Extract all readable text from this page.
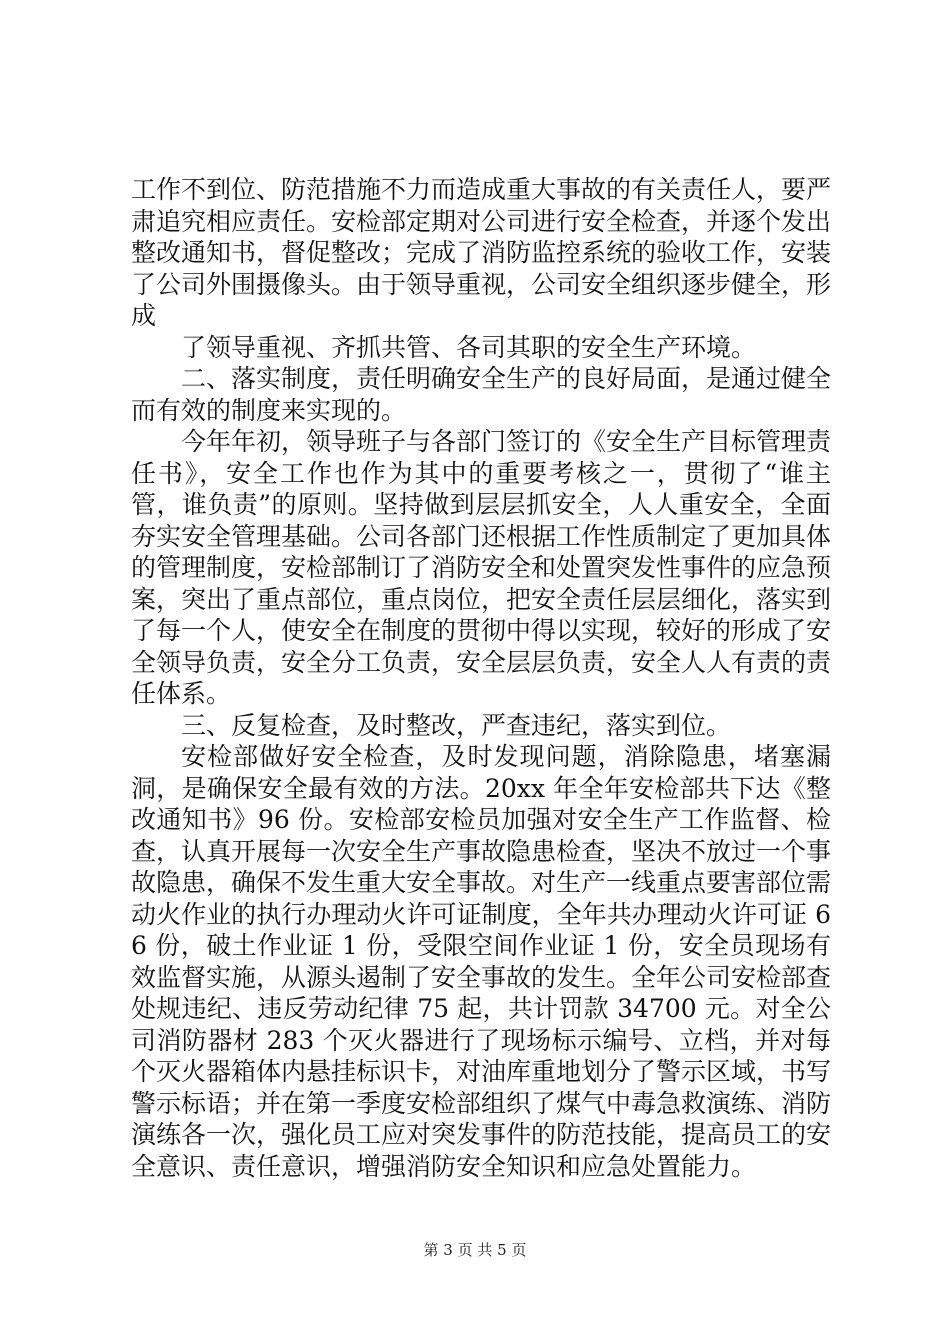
工作不到位、防范措施不力而造成重大事故的有关责任人，要严肃追究相应责任。安检部定期对公司进行安全检查，并逐个发出整改通知书，督促整改；完成了消防监控系统的验收工作，安装了公司外围摄像头。由于领导重视，公司安全组织逐步健全，形成

了领导重视、齐抓共管、各司其职的安全生产环境。

二、落实制度，责任明确安全生产的良好局面，是通过健全而有效的制度来实现的。

今年年初，领导班子与各部门签订的《安全生产目标管理责任书》，安全工作也作为其中的重要考核之一，贯彻了“谁主管，谁负责”的原则。坚持做到层层抓安全，人人重安全，全面夯实安全管理基础。公司各部门还根据工作性质制定了更加具体的管理制度，安检部制订了消防安全和处置突发性事件的应急预案，突出了重点部位，重点岗位，把安全责任层层细化，落实到了每一个人，使安全在制度的贯彻中得以实现，较好的形成了安全领导负责，安全分工负责，安全层层负责，安全人人有责的责任体系。

三、反复检查，及时整改，严查违纪，落实到位。

安检部做好安全检查，及时发现问题，消除隐患，堵塞漏洞，是确保安全最有效的方法。20xx 年全年安检部共下达《整改通知书》96 份。安检部安检员加强对安全生产工作监督、检查，认真开展每一次安全生产事故隐患检查，坚决不放过一个事故隐患，确保不发生重大安全事故。对生产一线重点要害部位需动火作业的执行办理动火许可证制度，全年共办理动火许可证 66 份，破土作业证 1 份，受限空间作业证 1 份，安全员现场有效监督实施，从源头遏制了安全事故的发生。全年公司安检部查处规违纪、违反劳动纪律 75 起，共计罚款 34700 元。对全公司消防器材 283 个灭火器进行了现场标示编号、立档，并对每个灭火器箱体内悬挂标识卡，对油库重地划分了警示区域，书写警示标语；并在第一季度安检部组织了煤气中毒急救演练、消防演练各一次，强化员工应对突发事件的防范技能，提高员工的安全意识、责任意识，增强消防安全知识和应急处置能力。

第 3 页 共 5 页
